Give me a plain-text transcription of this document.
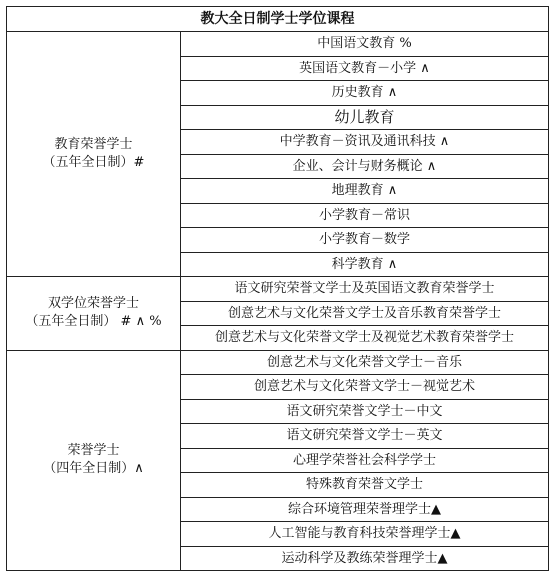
教大全日制学士学位课程	

教育荣誉学士
（五年全日制）#	中国语文教育 %
	英国语文教育－小学 ∧
	历史教育 ∧
	幼儿教育
	中学教育－资讯及通讯科技 ∧
	企业、会计与财务概论 ∧
	地理教育 ∧
	小学教育－常识
	小学教育－数学
	科学教育 ∧

双学位荣誉学士
（五年全日制） # ∧ %	语文研究荣誉文学士及英国语文教育荣誉学士
	创意艺术与文化荣誉文学士及音乐教育荣誉学士
	创意艺术与文化荣誉文学士及视觉艺术教育荣誉学士

荣誉学士
（四年全日制）∧	创意艺术与文化荣誉文学士－音乐
	创意艺术与文化荣誉文学士－视觉艺术
	语文研究荣誉文学士－中文
	语文研究荣誉文学士－英文
	心理学荣誉社会科学学士
	特殊教育荣誉文学士
	综合环境管理荣誉理学士▲
	人工智能与教育科技荣誉理学士▲
	运动科学及教练荣誉理学士▲
